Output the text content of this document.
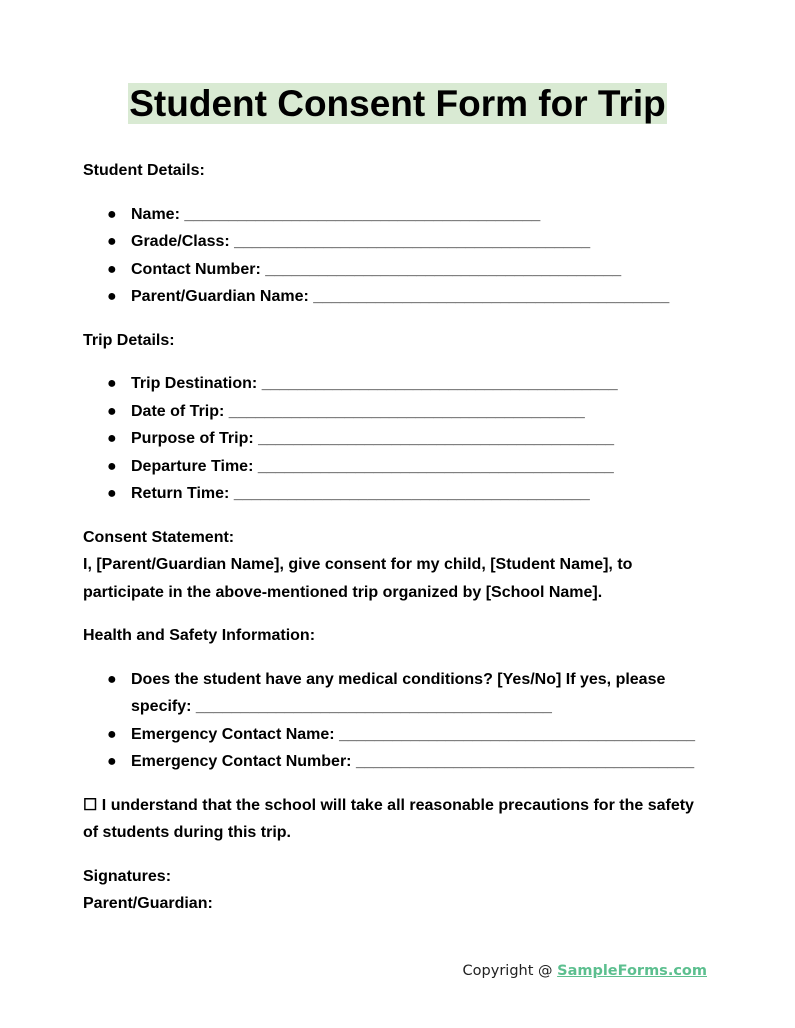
Student Consent Form for Trip

Student Details:

● Name: ________________________________________
● Grade/Class: ________________________________________
● Contact Number: ________________________________________
● Parent/Guardian Name: ________________________________________

Trip Details:

● Trip Destination: ________________________________________
● Date of Trip: ________________________________________
● Purpose of Trip: ________________________________________
● Departure Time: ________________________________________
● Return Time: ________________________________________

Consent Statement:

I, [Parent/Guardian Name], give consent for my child, [Student Name], to participate in the above-mentioned trip organized by [School Name].

Health and Safety Information:

● Does the student have any medical conditions? [Yes/No] If yes, please specify: ________________________________________
● Emergency Contact Name: ________________________________________
● Emergency Contact Number: ______________________________________

☐ I understand that the school will take all reasonable precautions for the safety of students during this trip.

Signatures:

Parent/Guardian: ____________________________

Copyright @ SampleForms.com
